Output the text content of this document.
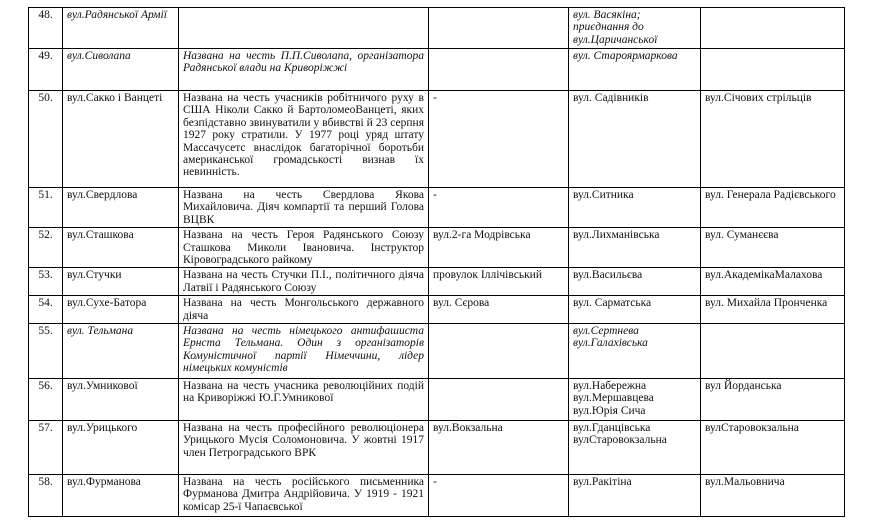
48.	вул.Радянської Армії			вул. Васякіна;
приєднання до
вул.Царичанської	

49.	вул.Сиволапа	Названа на честь П.П.Сиволапа, організатора Радянської влади на Криворіжжі		вул. Староярмаркова	

50.	вул.Сакко і Ванцеті	Названа на честь учасників робітничого руху в США Ніколи Сакко й БартоломеоВанцеті, яких безпідставно звинуватили у вбивстві й 23 серпня 1927 року стратили. У 1977 році уряд штату Массачусетс внаслідок багаторічної боротьби американської громадськості визнав їх невинність.	-	вул. Садівників	вул.Січових стрільців
51.	вул.Свердлова	Названа на честь Свердлова Якова Михайловича. Діяч компартії та перший Голова ВЦВК	-	вул.Ситника	вул. Генерала Радієвського
52.	вул.Сташкова	Названа на честь Героя Радянського Союзу Сташкова Миколи Івановича. Інструктор Кіровоградського райкому	вул.2-га Модрівська	вул.Лихманівська	вул. Суманєєва
53.	вул.Стучки	Названа на честь Стучки П.І., політичного діяча Латвії і Радянського Союзу	провулок Іллічівський	вул.Васильєва	вул.АкадемікаМалахова
54.	вул.Сухе-Батора	Названа на честь Монгольського державного діяча	вул. Сєрова	вул. Сарматська	вул. Михайла Пронченка
55.	вул. Тельмана	Названа на честь німецького антифашиста Ернста Тельмана. Один з організаторів Комуністичної партії Німеччини, лідер німецьких комуністів		вул.Сертнева
вул.Галахівська	

56.	вул.Умникової	Названа на честь учасника революційних подій на Криворіжжі Ю.Г.Умникової		вул.Набережна
вул.Мершавцева
вул.Юрія Сича	вул Йорданська
57.	вул.Урицького	Названа на честь професійного революціонера Урицького Мусія Соломоновича. У жовтні 1917 член Петроградського ВРК	вул.Вокзальна	вул.Гданцівська
вулСтаровокзальна	вулСтаровокзальна
58.	вул.Фурманова	Названа на честь російського письменника Фурманова Дмитра Андрійовича. У 1919 - 1921 комісар 25-ї Чапаєвської	-	вул.Ракітіна	вул.Мальовнича
